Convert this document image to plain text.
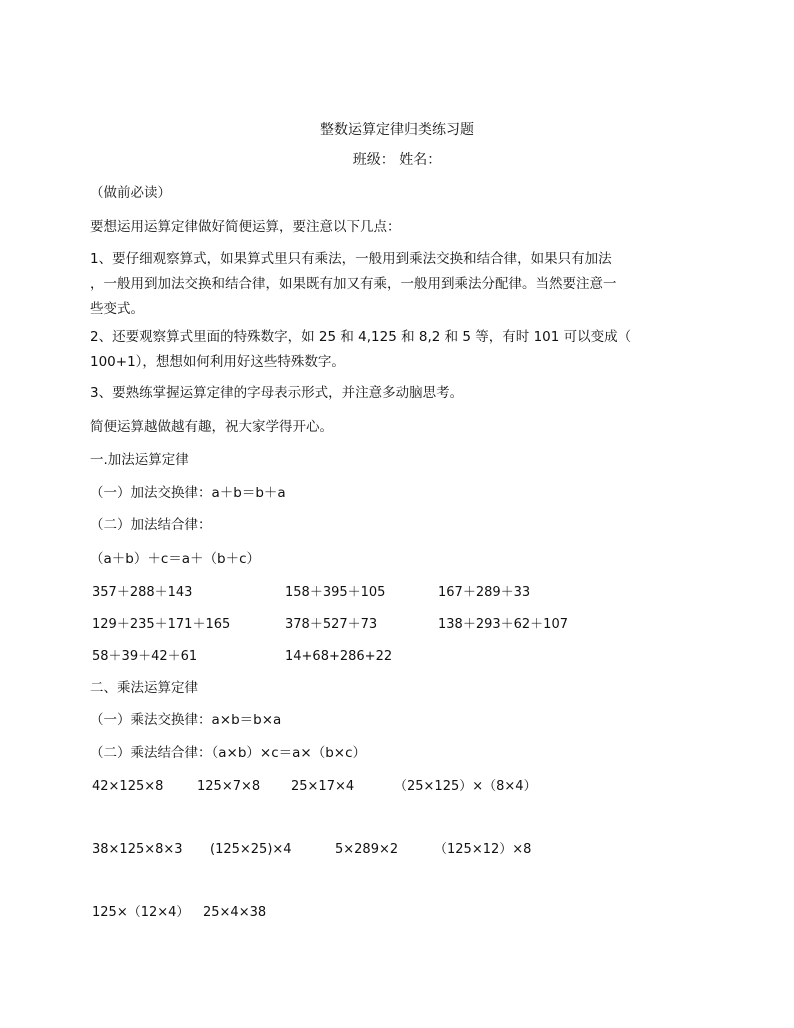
整数运算定律归类练习题
班级： 姓名：
（做前必读）
要想运用运算定律做好简便运算，要注意以下几点：
1、要仔细观察算式，如果算式里只有乘法，一般用到乘法交换和结合律，如果只有加法
，一般用到加法交换和结合律，如果既有加又有乘，一般用到乘法分配律。当然要注意一
些变式。
2、还要观察算式里面的特殊数字，如 25 和 4,125 和 8,2 和 5 等，有时 101 可以变成（
100+1），想想如何利用好这些特殊数字。
3、要熟练掌握运算定律的字母表示形式，并注意多动脑思考。
简便运算越做越有趣，祝大家学得开心。
一.加法运算定律
（一）加法交换律：a＋b＝b＋a
（二）加法结合律：
（a＋b）＋c＝a＋（b＋c）
357＋288＋143	158＋395＋105	167＋289＋33
129＋235＋171＋165	378＋527＋73	138＋293＋62＋107
58＋39＋42＋61	14+68+286+22
二、乘法运算定律
（一）乘法交换律：a×b＝b×a
（二）乘法结合律：（a×b）×c＝a×（b×c）
42×125×8	125×7×8 25×17×4	（25×125）×（8×4）
38×125×8×3 (125×25)×4	5×289×2	（125×12）×8
125×（12×4） 25×4×38
